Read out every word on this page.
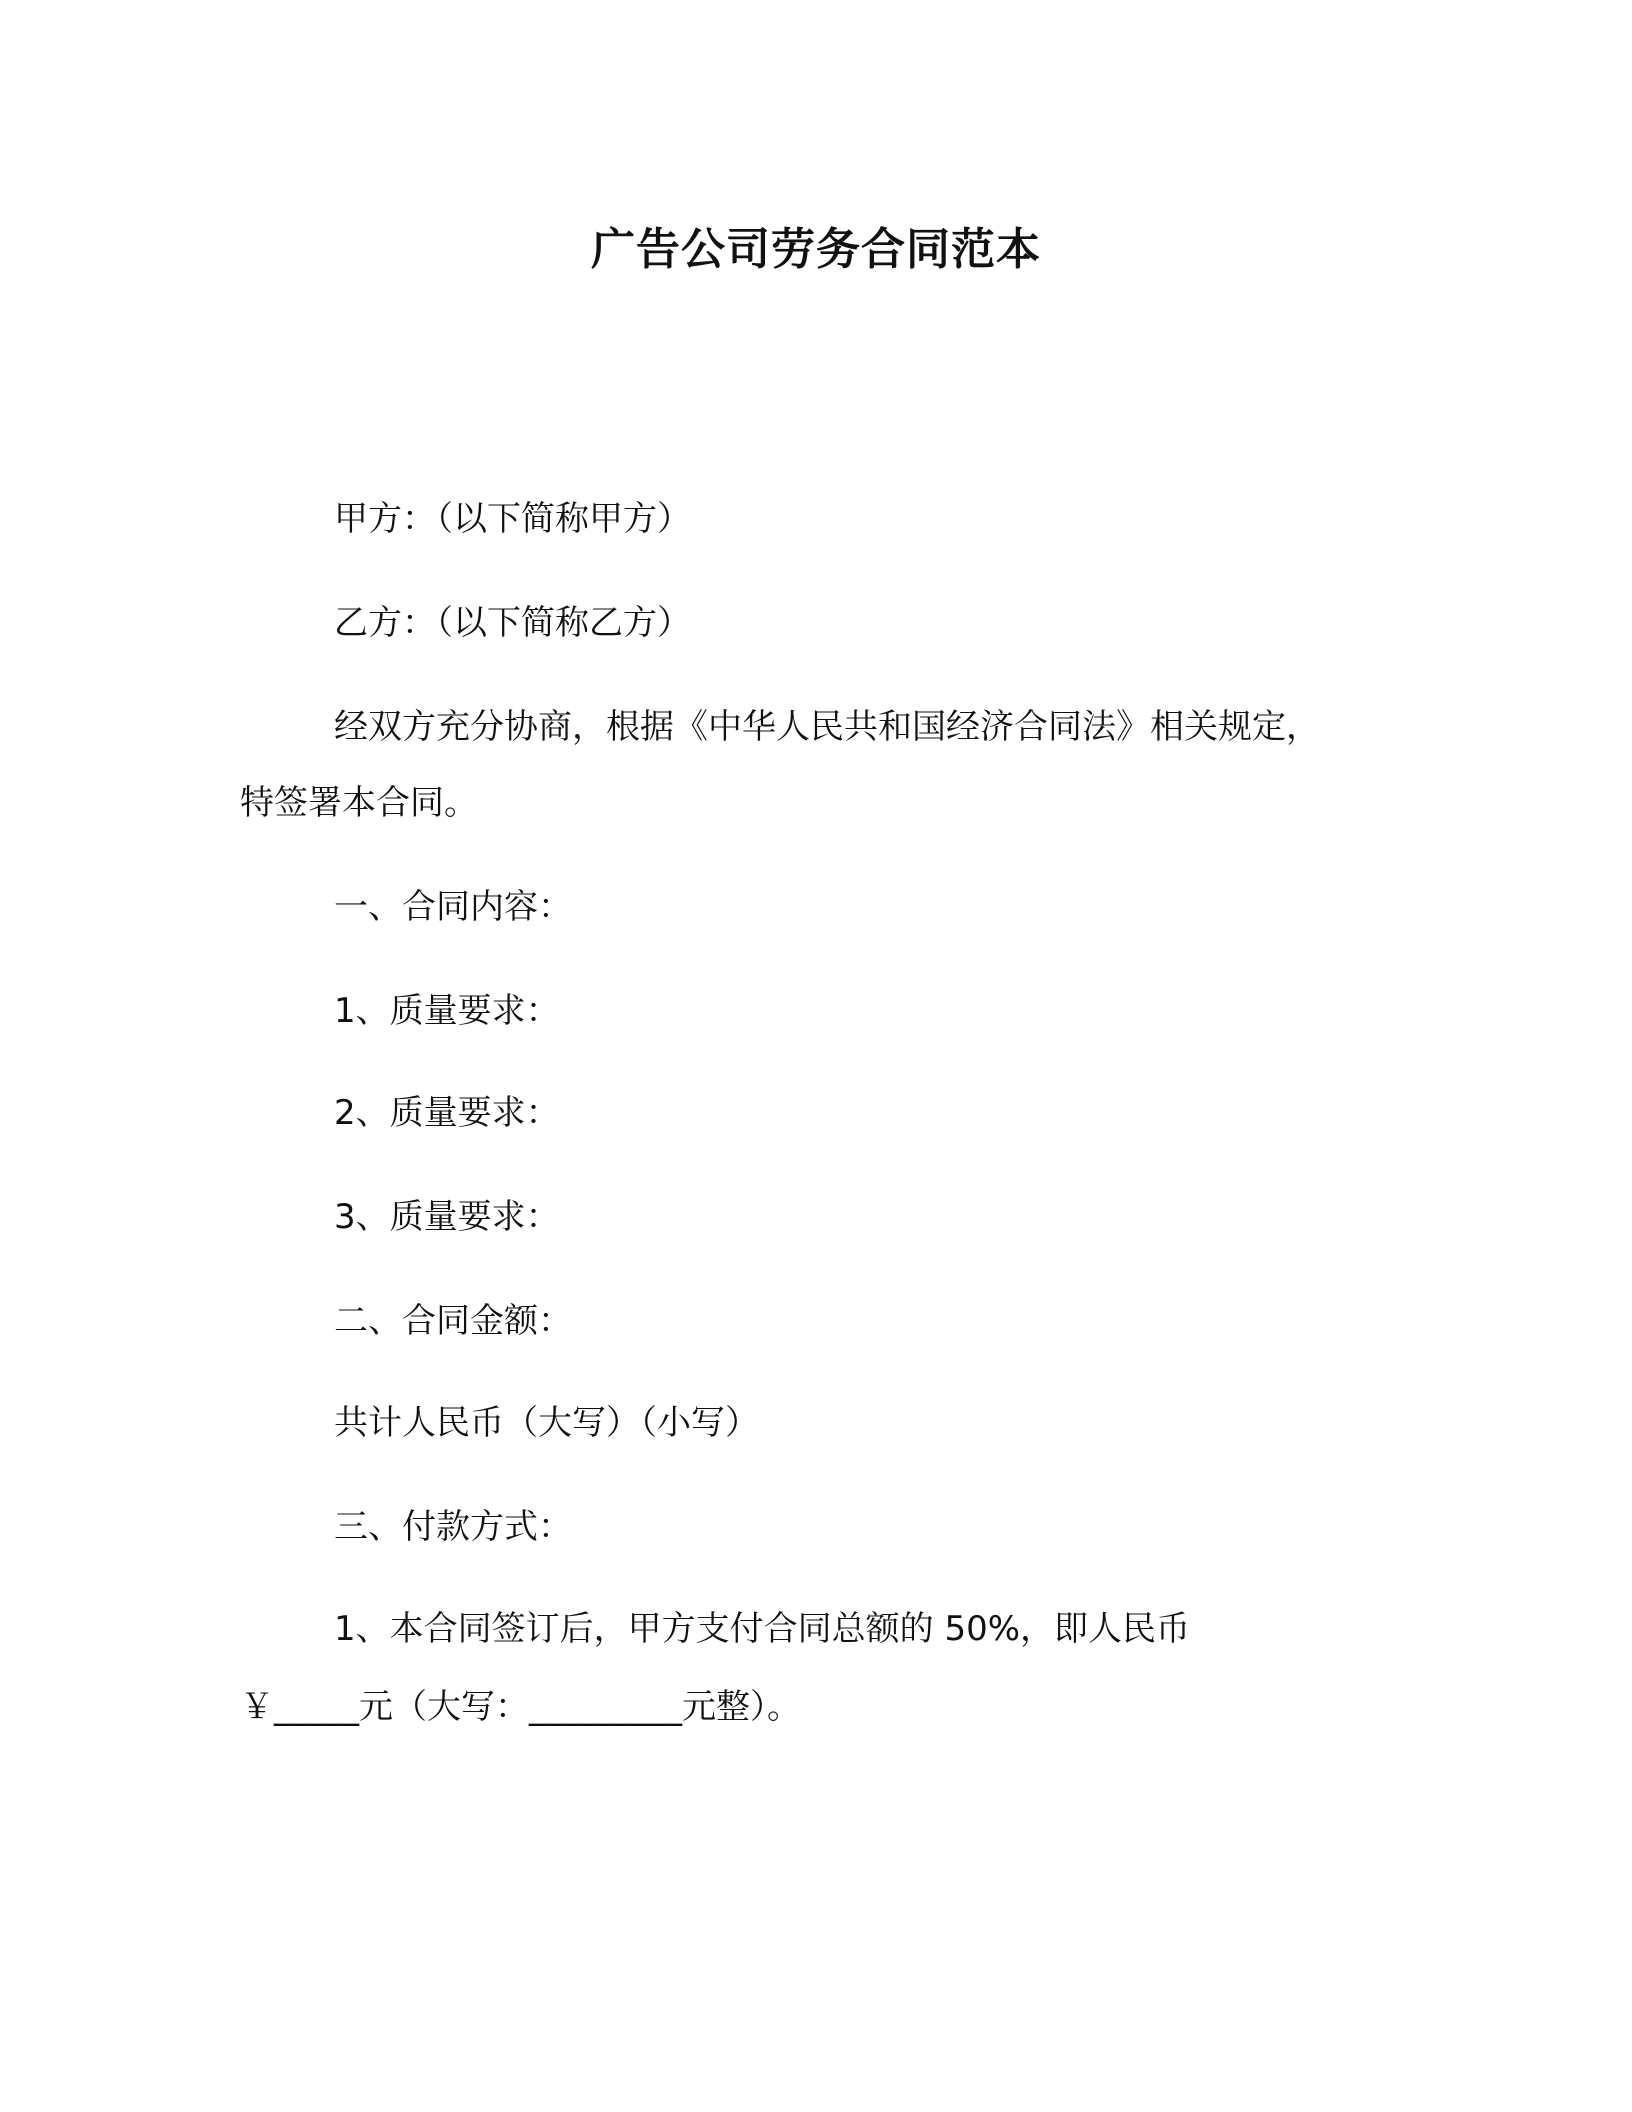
广告公司劳务合同范本
甲方：（以下简称甲方）
乙方：（以下简称乙方）
经双方充分协商，根据《中华人民共和国经济合同法》相关规定，
特签署本合同。
一、合同内容：
1、质量要求：
2、质量要求：
3、质量要求：
二、合同金额：
共计人民币（大写）（小写）
三、付款方式：
1、本合同签订后，甲方支付合同总额的 50%，即人民币
￥_____元（大写：_________元整）。
